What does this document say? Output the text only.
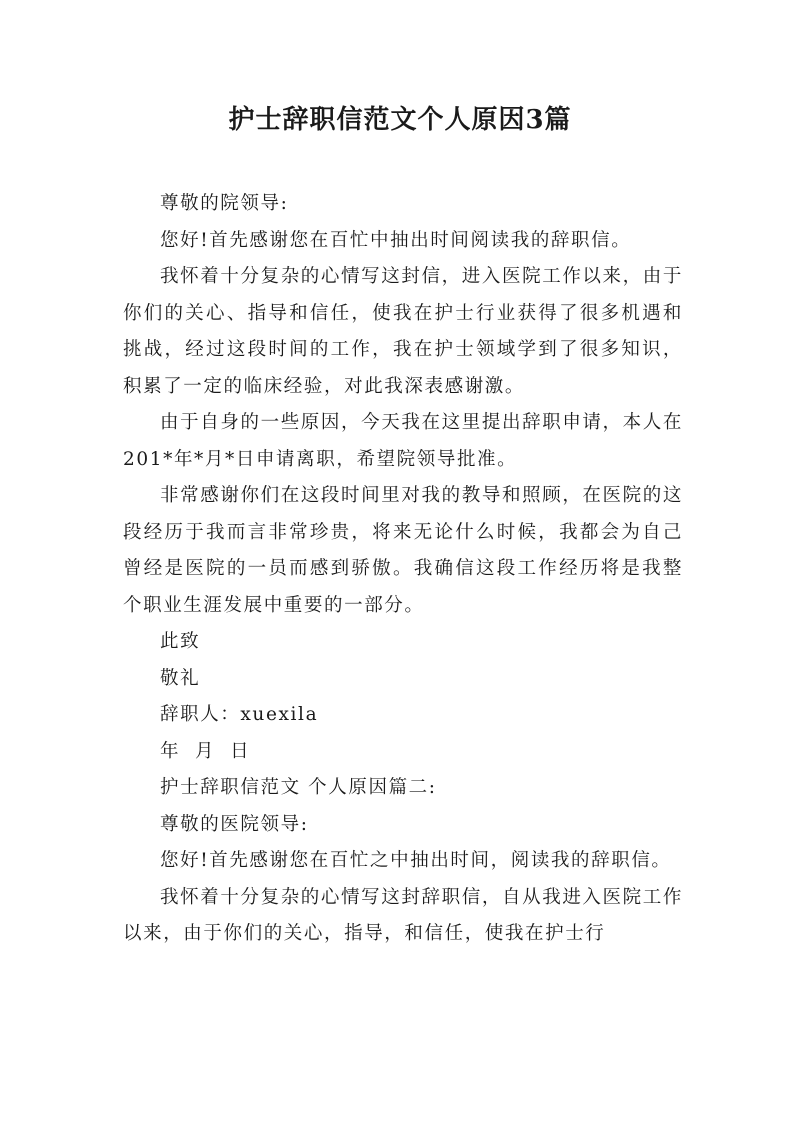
护士辞职信范文个人原因3篇

尊敬的院领导:

您好!首先感谢您在百忙中抽出时间阅读我的辞职信。

我怀着十分复杂的心情写这封信，进入医院工作以来，由于你们的关心、指导和信任，使我在护士行业获得了很多机遇和挑战，经过这段时间的工作，我在护士领域学到了很多知识，积累了一定的临床经验，对此我深表感谢激。

由于自身的一些原因，今天我在这里提出辞职申请，本人在201*年*月*日申请离职，希望院领导批准。

非常感谢你们在这段时间里对我的教导和照顾，在医院的这段经历于我而言非常珍贵，将来无论什么时候，我都会为自己曾经是医院的一员而感到骄傲。我确信这段工作经历将是我整个职业生涯发展中重要的一部分。

此致

敬礼

辞职人：xuexila

年  月  日

护士辞职信范文 个人原因篇二:

尊敬的医院领导:

您好!首先感谢您在百忙之中抽出时间，阅读我的辞职信。

我怀着十分复杂的心情写这封辞职信，自从我进入医院工作以来，由于你们的关心，指导，和信任，使我在护士行
